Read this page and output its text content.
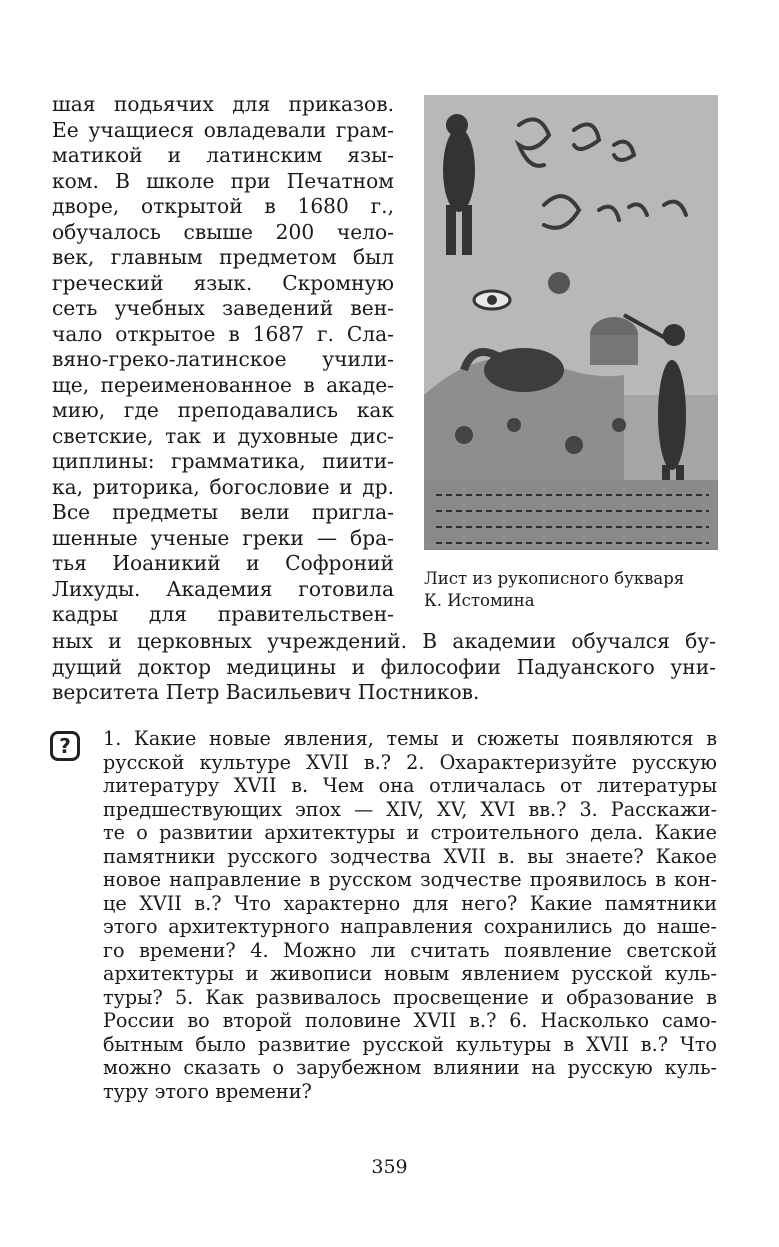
шая подьячих для приказов.
Ее учащиеся овладевали грам-
матикой и латинским язы-
ком. В школе при Печатном
дворе, открытой в 1680 г.,
обучалось свыше 200 чело-
век, главным предметом был
греческий язык. Скромную
сеть учебных заведений вен-
чало открытое в 1687 г. Сла-
вяно-греко-латинское учили-
ще, переименованное в акаде-
мию, где преподавались как
светские, так и духовные дис-
циплины: грамматика, пиити-
ка, риторика, богословие и др.
Все предметы вели пригла-
шенные ученые греки — бра-
тья Иоаникий и Софроний
Лихуды. Академия готовила
кадры для правительствен-
ных и церковных учреждений. В академии обучался бу-
дущий доктор медицины и философии Падуанского уни-
верситета Петр Васильевич Постников.
Лист из рукописного букваря
К. Истомина
?	1. Какие новые явления, темы и сюжеты появляются в
русской культуре XVII в.? 2. Охарактеризуйте русскую
литературу XVII в. Чем она отличалась от литературы
предшествующих эпох — XIV, XV, XVI вв.? 3. Расскажи-
те о развитии архитектуры и строительного дела. Какие
памятники русского зодчества XVII в. вы знаете? Какое
новое направление в русском зодчестве проявилось в кон-
це XVII в.? Что характерно для него? Какие памятники
этого архитектурного направления сохранились до наше-
го времени? 4. Можно ли считать появление светской
архитектуры и живописи новым явлением русской куль-
туры? 5. Как развивалось просвещение и образование в
России во второй половине XVII в.? 6. Насколько само-
бытным было развитие русской культуры в XVII в.? Что
можно сказать о зарубежном влиянии на русскую куль-
туру этого времени?
359
